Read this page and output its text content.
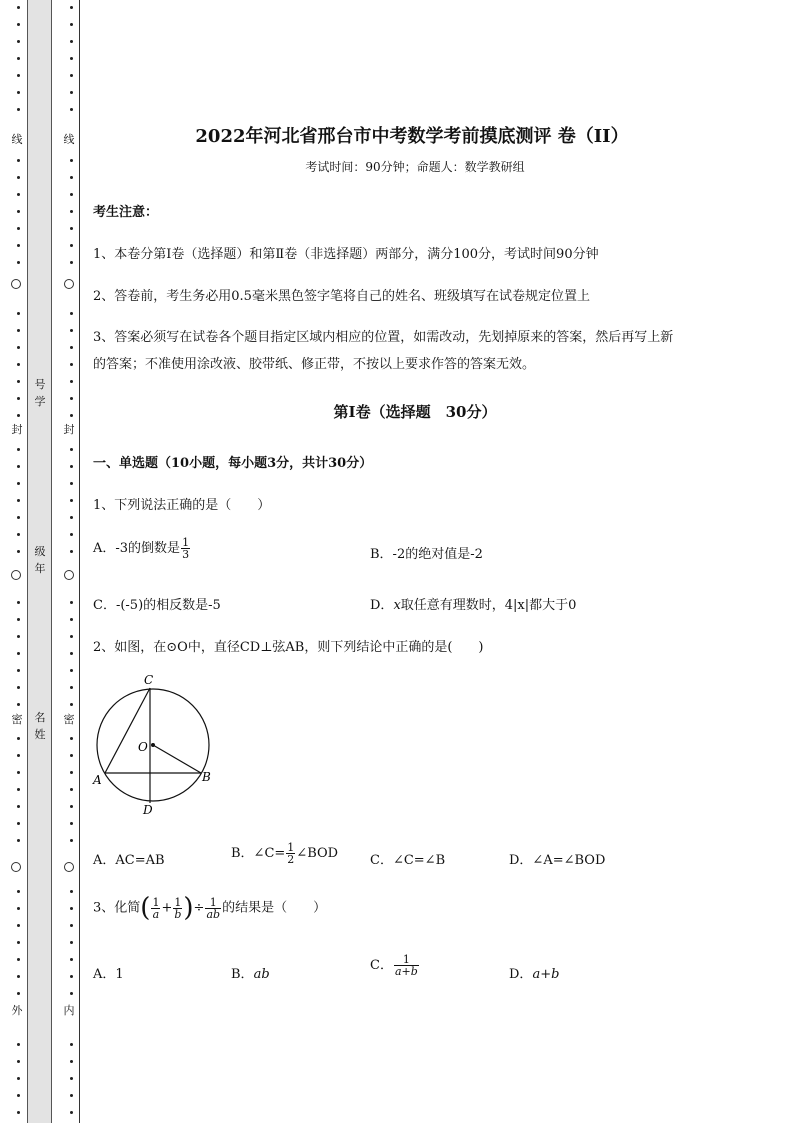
线
封
密
外
线
封
密
内
号
学
级
年
名
姓
2022年河北省邢台市中考数学考前摸底测评 卷（II）
考试时间：90分钟；命题人：数学教研组
考生注意：
1、本卷分第I卷（选择题）和第Ⅱ卷（非选择题）两部分，满分100分，考试时间90分钟
2、答卷前，考生务必用0.5毫米黑色签字笔将自己的姓名、班级填写在试卷规定位置上
3、答案必须写在试卷各个题目指定区域内相应的位置，如需改动，先划掉原来的答案，然后再写上新
的答案；不准使用涂改液、胶带纸、修正带，不按以上要求作答的答案无效。
第I卷（选择题　30分）
一、单选题（10小题，每小题3分，共计30分）
1、下列说法正确的是（　　）
A．-3的倒数是 $\frac{1}{3}$	B．-2的绝对值是-2
C．-(-5)的相反数是-5	D．x取任意有理数时，4|x|都大于0
2、如图，在⊙O中，直径CD⊥弦AB，则下列结论中正确的是(　　)
C
O
A	B
D
A．AC=AB	B．∠C= $\frac{1}{2}$ ∠BOD C．∠C=∠B	D．∠A=∠BOD
3、化简( $\frac{1}{a} + \frac{1}{b}$ )÷ $\frac{1}{ab}$ 的结果是（　　）
A．1	B．ab
C． $\frac{1}{a+b}$	D．a+b
